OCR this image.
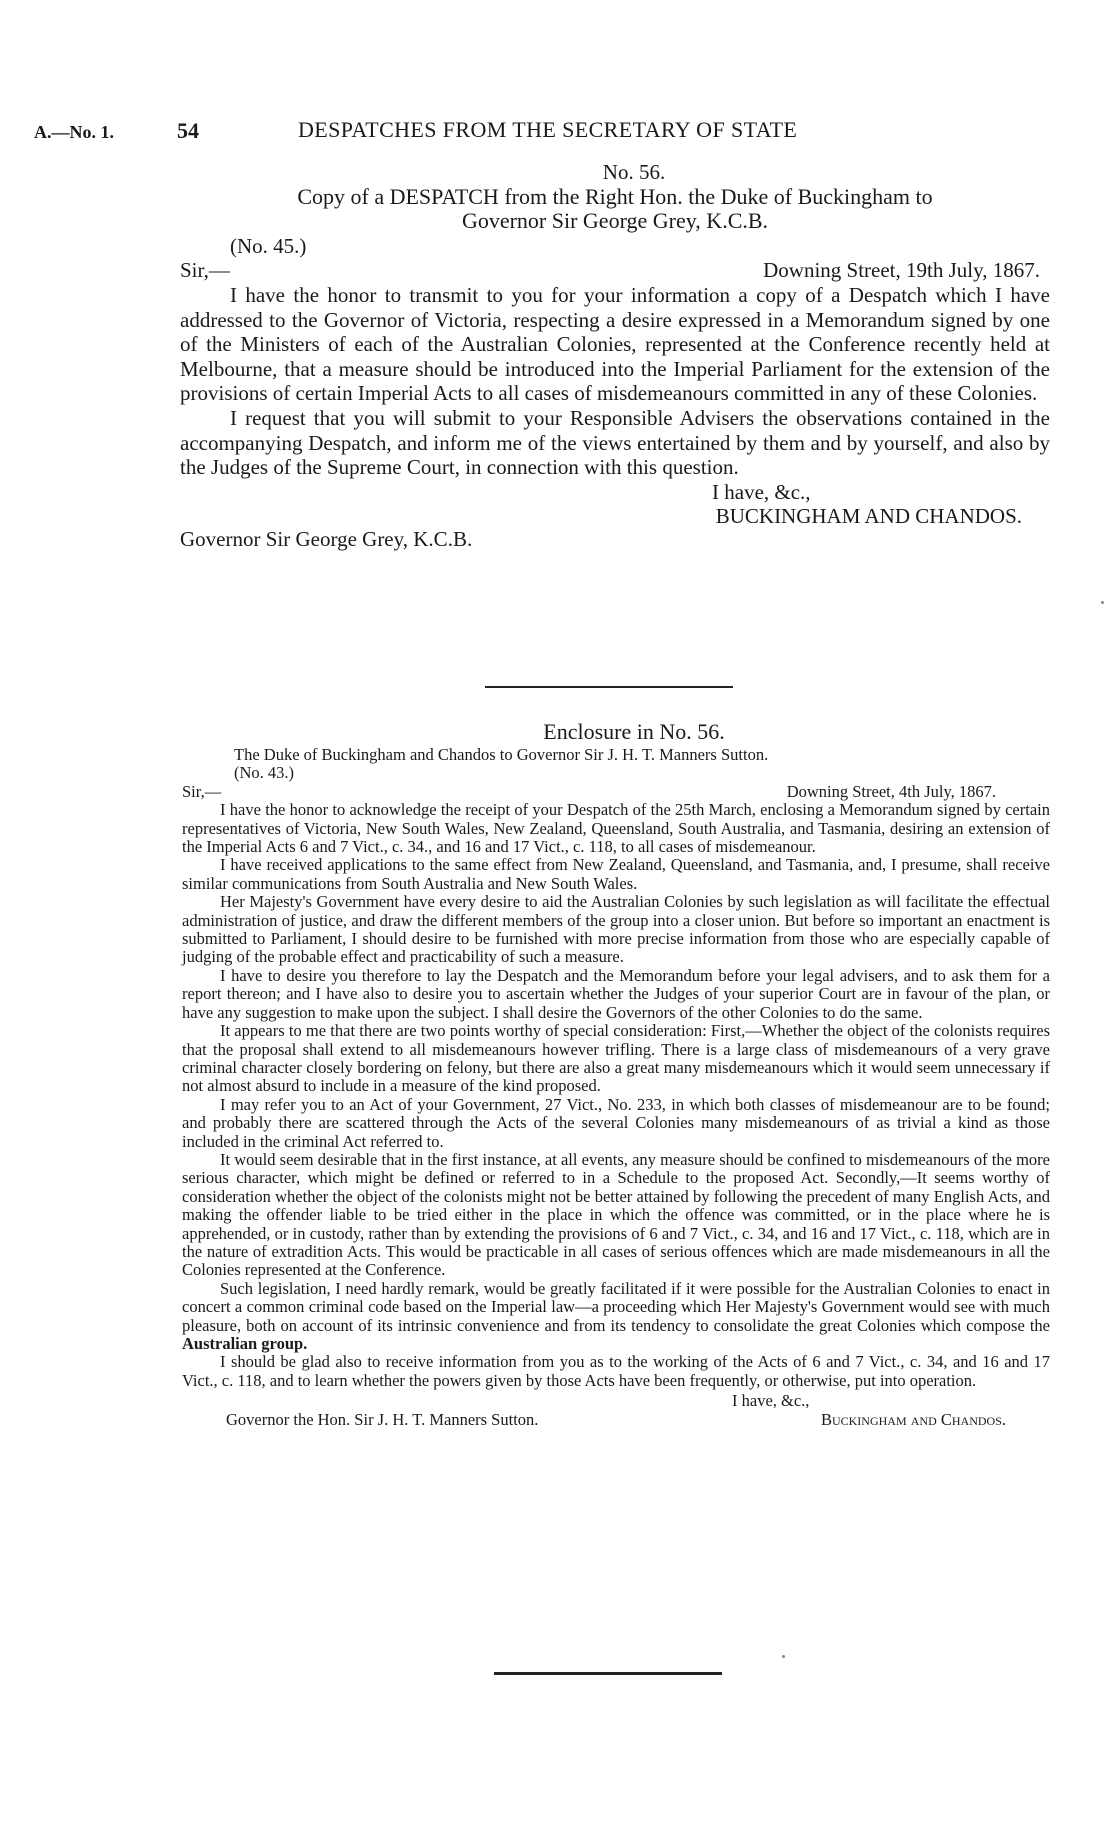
A.—No. 1.	54	DESPATCHES FROM THE SECRETARY OF STATE
No. 56.
Copy of a DESPATCH from the Right Hon. the Duke of Buckingham to
Governor Sir George Grey, K.C.B.
(No. 45.)
Sir,—	Downing Street, 19th July, 1867.
I have the honor to transmit to you for your information a copy of a Despatch which I have addressed to the Governor of Victoria, respecting a desire expressed in a Memorandum signed by one of the Ministers of each of the Australian Colonies, represented at the Conference recently held at Melbourne, that a measure should be introduced into the Imperial Parliament for the extension of the provisions of certain Imperial Acts to all cases of misdemeanours committed in any of these Colonies.
I request that you will submit to your Responsible Advisers the observations contained in the accompanying Despatch, and inform me of the views entertained by them and by yourself, and also by the Judges of the Supreme Court, in connection with this question.
I have, &c.,
Governor Sir George Grey, K.C.B.
BUCKINGHAM AND CHANDOS.

Enclosure in No. 56.

The Duke of Buckingham and Chandos to Governor Sir J. H. T. Manners Sutton.

(No. 43.)

Sir,—	Downing Street, 4th July, 1867.

I have the honor to acknowledge the receipt of your Despatch of the 25th March, enclosing a Memorandum signed by certain representatives of Victoria, New South Wales, New Zealand, Queensland, South Australia, and Tasmania, desiring an extension of the Imperial Acts 6 and 7 Vict., c. 34., and 16 and 17 Vict., c. 118, to all cases of misdemeanour.

I have received applications to the same effect from New Zealand, Queensland, and Tasmania, and, I presume, shall receive similar communications from South Australia and New South Wales.

Her Majesty's Government have every desire to aid the Australian Colonies by such legislation as will facilitate the effectual administration of justice, and draw the different members of the group into a closer union. But before so important an enactment is submitted to Parliament, I should desire to be furnished with more precise information from those who are especially capable of judging of the probable effect and practicability of such a measure.

I have to desire you therefore to lay the Despatch and the Memorandum before your legal advisers, and to ask them for a report thereon; and I have also to desire you to ascertain whether the Judges of your superior Court are in favour of the plan, or have any suggestion to make upon the subject. I shall desire the Governors of the other Colonies to do the same.

It appears to me that there are two points worthy of special consideration: First,—Whether the object of the colonists requires that the proposal shall extend to all misdemeanours however trifling. There is a large class of misdemeanours of a very grave criminal character closely bordering on felony, but there are also a great many misdemeanours which it would seem unnecessary if not almost absurd to include in a measure of the kind proposed.

I may refer you to an Act of your Government, 27 Vict., No. 233, in which both classes of misdemeanour are to be found; and probably there are scattered through the Acts of the several Colonies many misdemeanours of as trivial a kind as those included in the criminal Act referred to.

It would seem desirable that in the first instance, at all events, any measure should be confined to misdemeanours of the more serious character, which might be defined or referred to in a Schedule to the proposed Act. Secondly,—It seems worthy of consideration whether the object of the colonists might not be better attained by following the precedent of many English Acts, and making the offender liable to be tried either in the place in which the offence was committed, or in the place where he is apprehended, or in custody, rather than by extending the provisions of 6 and 7 Vict., c. 34, and 16 and 17 Vict., c. 118, which are in the nature of extradition Acts. This would be practicable in all cases of serious offences which are made misdemeanours in all the Colonies represented at the Conference.

Such legislation, I need hardly remark, would be greatly facilitated if it were possible for the Australian Colonies to enact in concert a common criminal code based on the Imperial law—a proceeding which Her Majesty's Government would see with much pleasure, both on account of its intrinsic convenience and from its tendency to consolidate the great Colonies which compose the Australian group.

I should be glad also to receive information from you as to the working of the Acts of 6 and 7 Vict., c. 34, and 16 and 17 Vict., c. 118, and to learn whether the powers given by those Acts have been frequently, or otherwise, put into operation.

I have, &c.,

Governor the Hon. Sir J. H. T. Manners Sutton.	Buckingham and Chandos.
